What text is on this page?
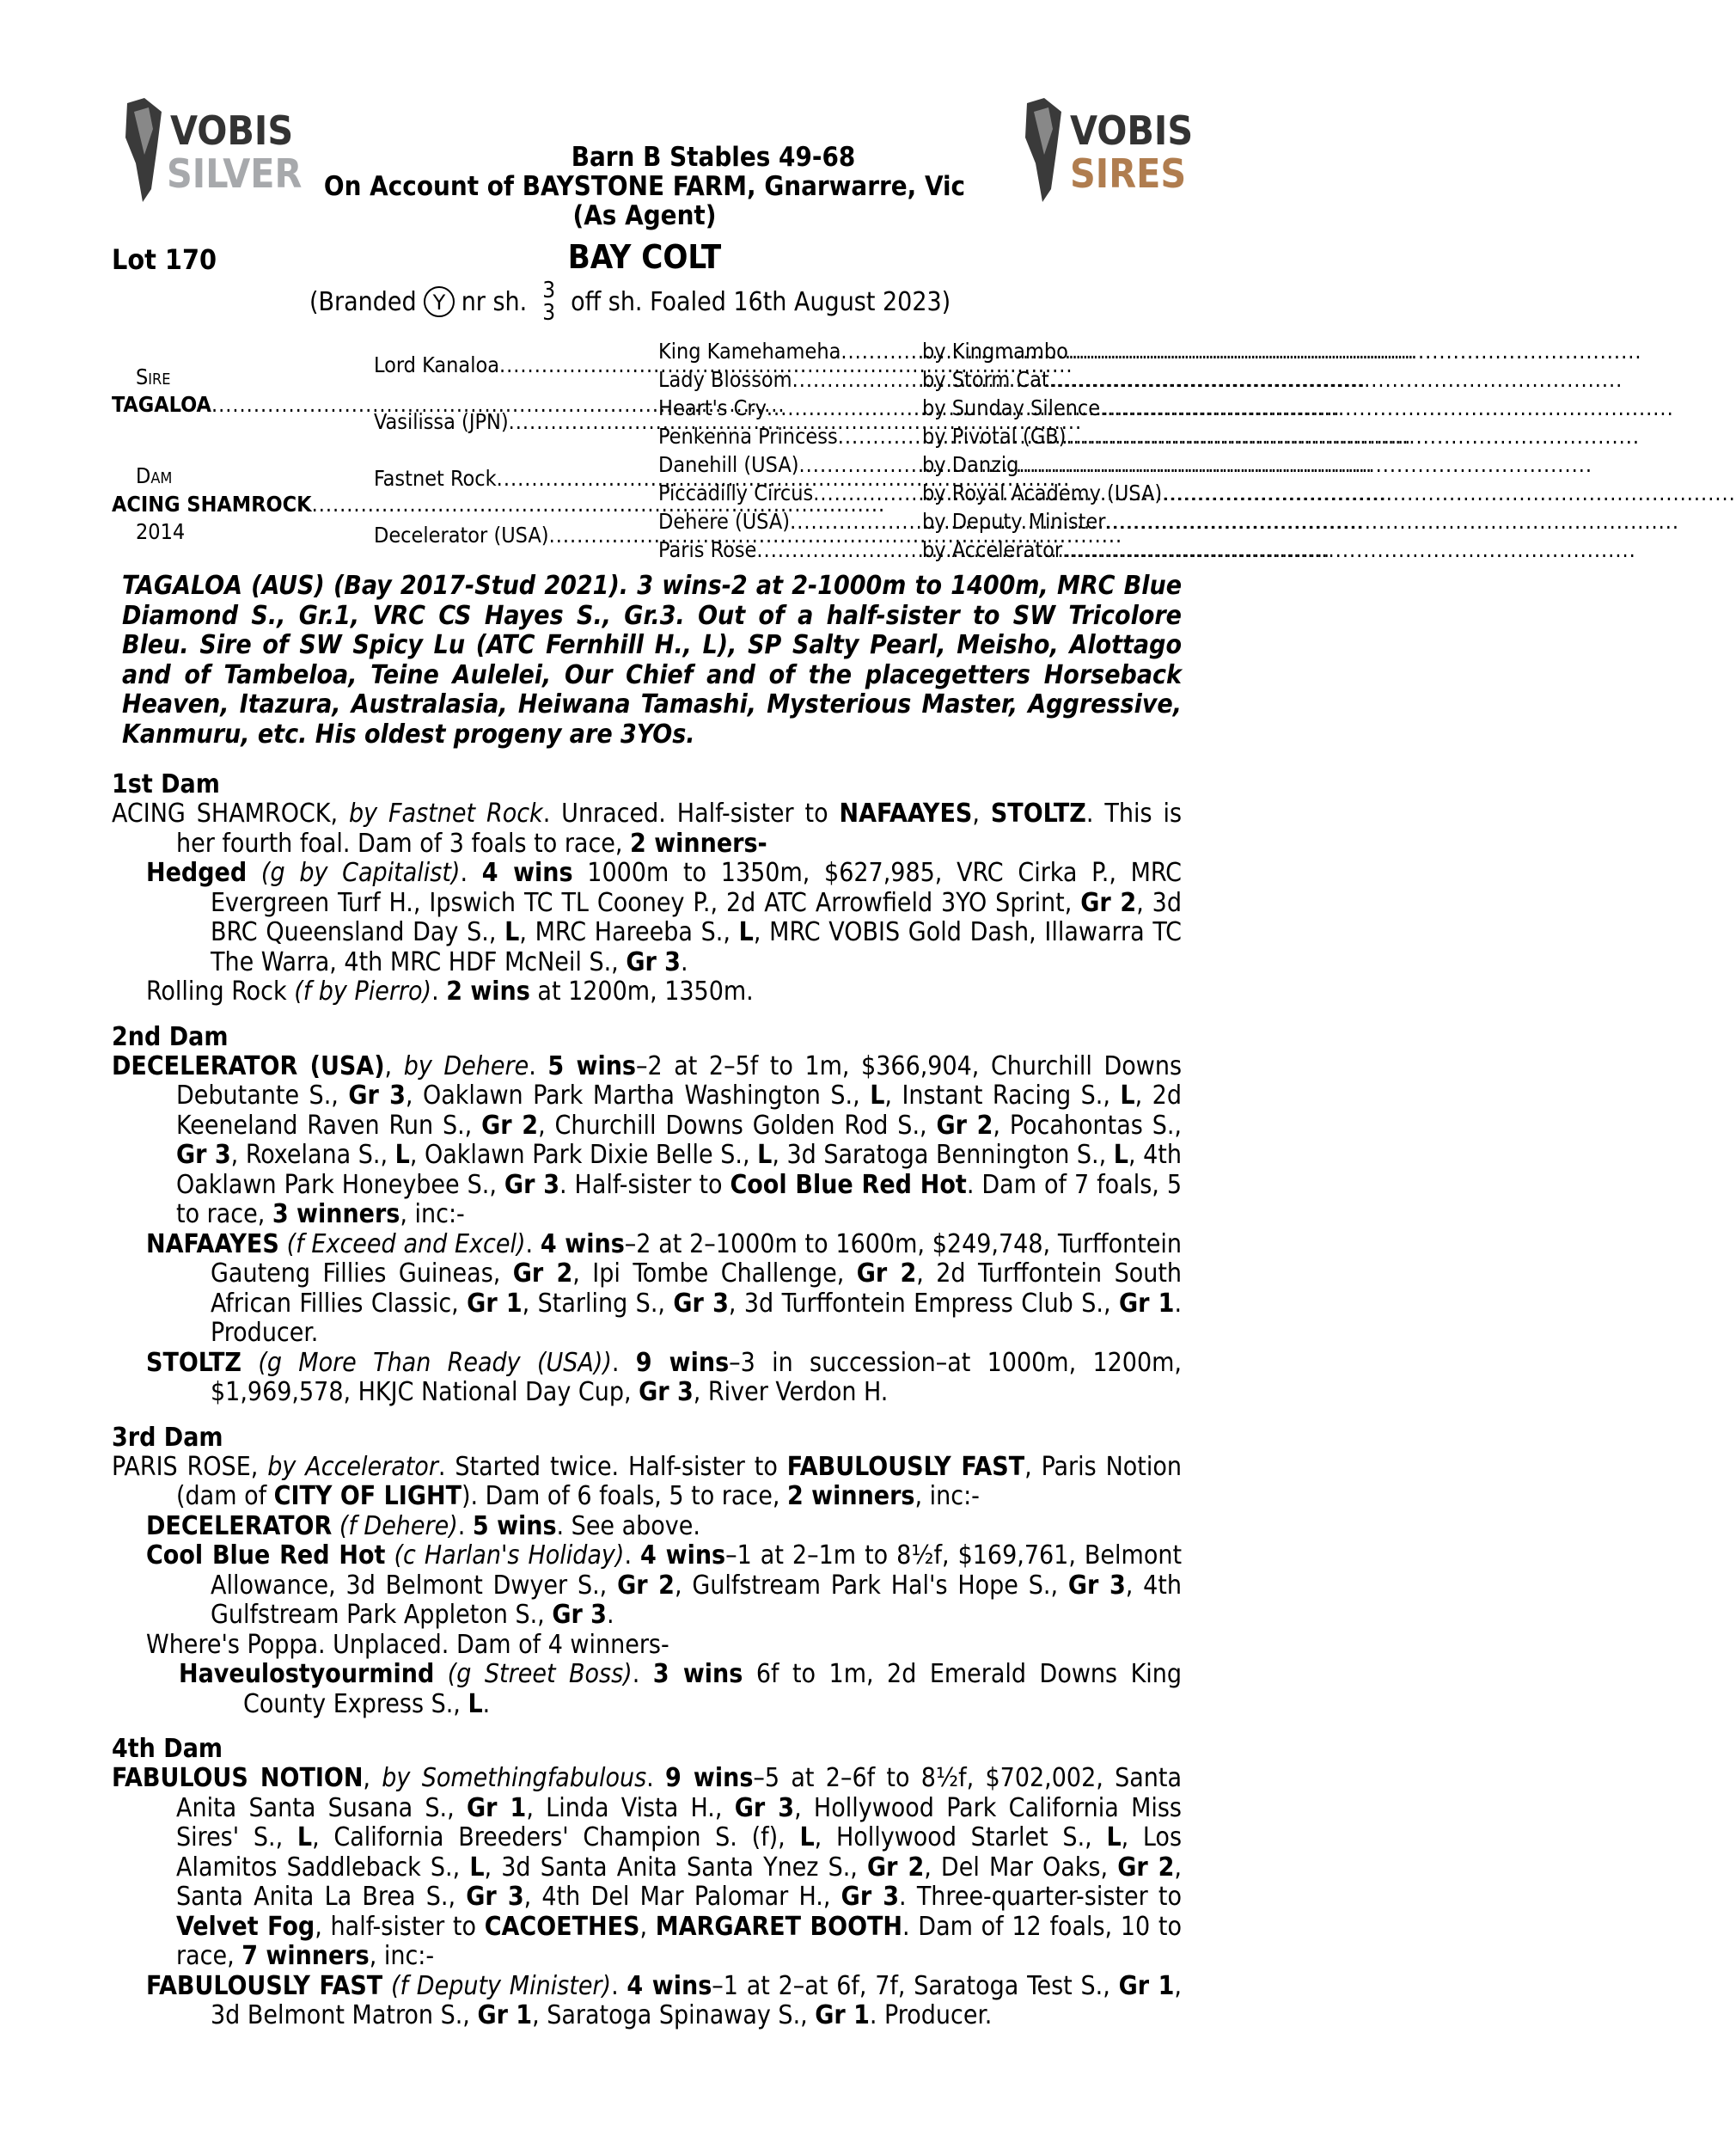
VOBIS
SILVER
VOBIS
SIRES
Barn B Stables 49-68
On Account of BAYSTONE FARM, Gnarwarre, Vic
(As Agent)
Lot 170	BAY COLT
(Branded Y nr sh. 3
3 off sh. Foaled 16th August 2023)
Sire
TAGALOA
.....
Dam
ACING SHAMROCK
.....
2014
Lord Kanaloa
.....
Vasilissa (JPN)
.....
Fastnet Rock
.....
Decelerator (USA)
.....
King Kamehameha
.....
Lady Blossom
.....
Heart's Cry
.....
Penkenna Princess
.....
Danehill (USA)
.....
Piccadilly Circus
.....
Dehere (USA)
.....
Paris Rose
.....
by Kingmambo
.....
by Storm Cat
.....
by Sunday Silence
.....
by Pivotal (GB)
.....
by Danzig
.....
by Royal Academy (USA)
.....
by Deputy Minister
.....
by Accelerator
.....

TAGALOA (AUS) (Bay 2017-Stud 2021). 3 wins-2 at 2-1000m to 1400m, MRC Blue Diamond S., Gr.1, VRC CS Hayes S., Gr.3. Out of a half-sister to SW Tricolore Bleu. Sire of SW Spicy Lu (ATC Fernhill H., L), SP Salty Pearl, Meisho, Alottago and of Tambeloa, Teine Aulelei, Our Chief and of the placegetters Horseback Heaven, Itazura, Australasia, Heiwana Tamashi, Mysterious Master, Aggressive, Kanmuru, etc. His oldest progeny are 3YOs.

1st Dam

ACING SHAMROCK, by Fastnet Rock. Unraced. Half-sister to NAFAAYES, STOLTZ. This is her fourth foal. Dam of 3 foals to race, 2 winners-

Hedged (g by Capitalist). 4 wins 1000m to 1350m, $627,985, VRC Cirka P., MRC Evergreen Turf H., Ipswich TC TL Cooney P., 2d ATC Arrowfield 3YO Sprint, Gr 2, 3d BRC Queensland Day S., L, MRC Hareeba S., L, MRC VOBIS Gold Dash, Illawarra TC The Warra, 4th MRC HDF McNeil S., Gr 3.

Rolling Rock (f by Pierro). 2 wins at 1200m, 1350m.

2nd Dam

DECELERATOR (USA), by Dehere. 5 wins–2 at 2–5f to 1m, $366,904, Churchill Downs Debutante S., Gr 3, Oaklawn Park Martha Washington S., L, Instant Racing S., L, 2d Keeneland Raven Run S., Gr 2, Churchill Downs Golden Rod S., Gr 2, Pocahontas S., Gr 3, Roxelana S., L, Oaklawn Park Dixie Belle S., L, 3d Saratoga Bennington S., L, 4th Oaklawn Park Honeybee S., Gr 3. Half-sister to Cool Blue Red Hot. Dam of 7 foals, 5 to race, 3 winners, inc:-

NAFAAYES (f Exceed and Excel). 4 wins–2 at 2–1000m to 1600m, $249,748, Turffontein Gauteng Fillies Guineas, Gr 2, Ipi Tombe Challenge, Gr 2, 2d Turffontein South African Fillies Classic, Gr 1, Starling S., Gr 3, 3d Turffontein Empress Club S., Gr 1. Producer.

STOLTZ (g More Than Ready (USA)). 9 wins–3 in succession–at 1000m, 1200m, $1,969,578, HKJC National Day Cup, Gr 3, River Verdon H.

3rd Dam

PARIS ROSE, by Accelerator. Started twice. Half-sister to FABULOUSLY FAST, Paris Notion (dam of CITY OF LIGHT). Dam of 6 foals, 5 to race, 2 winners, inc:-

DECELERATOR (f Dehere). 5 wins. See above.

Cool Blue Red Hot (c Harlan's Holiday). 4 wins–1 at 2–1m to 8½f, $169,761, Belmont Allowance, 3d Belmont Dwyer S., Gr 2, Gulfstream Park Hal's Hope S., Gr 3, 4th Gulfstream Park Appleton S., Gr 3.

Where's Poppa. Unplaced. Dam of 4 winners-

Haveulostyourmind (g Street Boss). 3 wins 6f to 1m, 2d Emerald Downs King County Express S., L.

4th Dam

FABULOUS NOTION, by Somethingfabulous. 9 wins–5 at 2–6f to 8½f, $702,002, Santa Anita Santa Susana S., Gr 1, Linda Vista H., Gr 3, Hollywood Park California Miss Sires' S., L, California Breeders' Champion S. (f), L, Hollywood Starlet S., L, Los Alamitos Saddleback S., L, 3d Santa Anita Santa Ynez S., Gr 2, Del Mar Oaks, Gr 2, Santa Anita La Brea S., Gr 3, 4th Del Mar Palomar H., Gr 3. Three-quarter-sister to Velvet Fog, half-sister to CACOETHES, MARGARET BOOTH. Dam of 12 foals, 10 to race, 7 winners, inc:-

FABULOUSLY FAST (f Deputy Minister). 4 wins–1 at 2–at 6f, 7f, Saratoga Test S., Gr 1, 3d Belmont Matron S., Gr 1, Saratoga Spinaway S., Gr 1. Producer.
